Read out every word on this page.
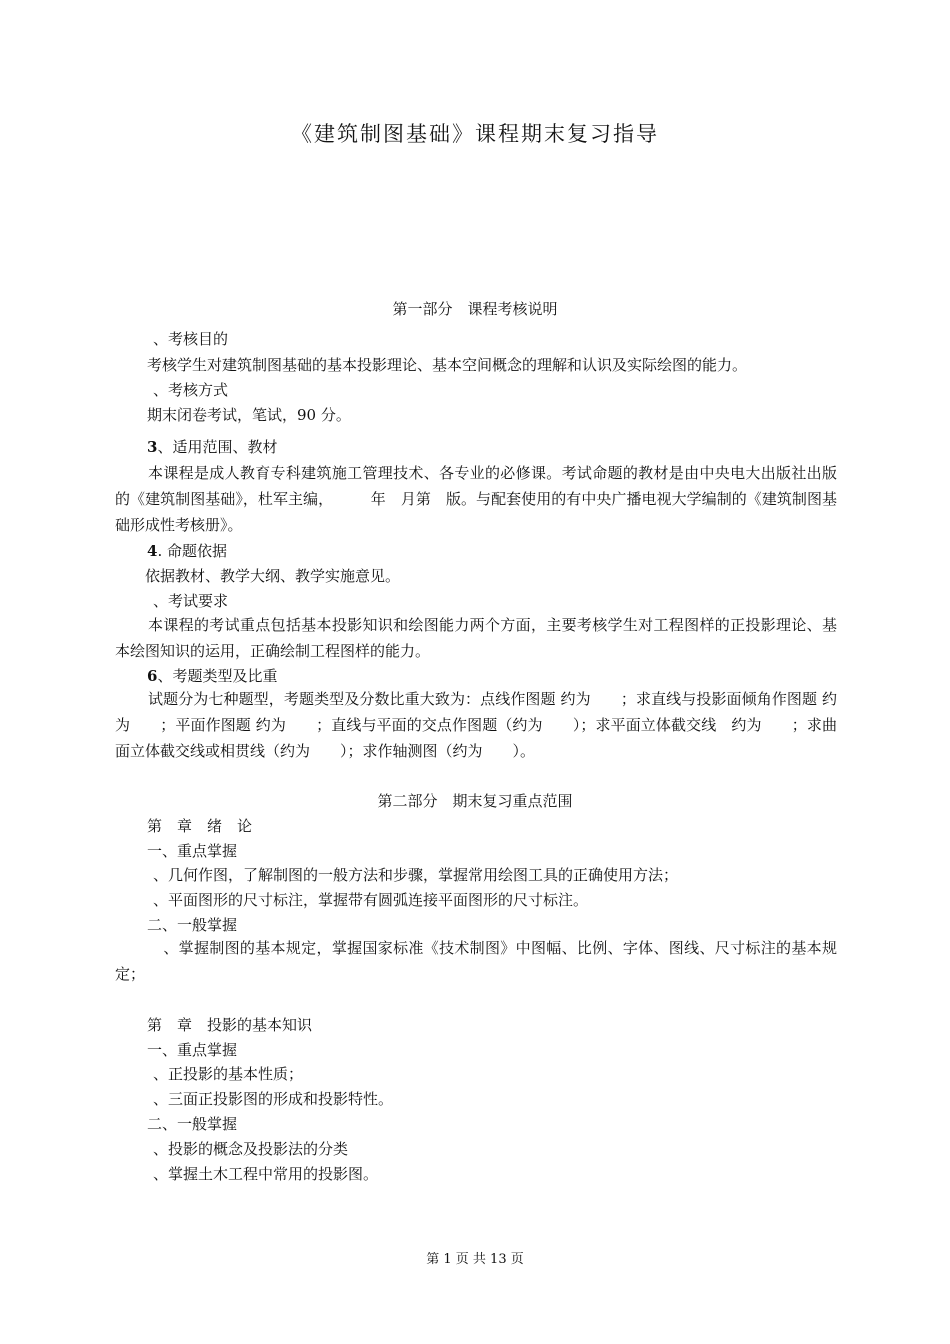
《建筑制图基础》课程期末复习指导
第一部分　课程考核说明
、考核目的
考核学生对建筑制图基础的基本投影理论、基本空间概念的理解和认识及实际绘图的能力。
、考核方式
期末闭卷考试，笔试，90 分。
3、适用范围、教材
本课程是成人教育专科建筑施工管理技术、各专业的必修课。考试命题的教材是由中央电大出版社出版的《建筑制图基础》，杜军主编，　　　年　月第　版。与配套使用的有中央广播电视大学编制的《建筑制图基础形成性考核册》。
4. 命题依据
依据教材、教学大纲、教学实施意见。
、考试要求
本课程的考试重点包括基本投影知识和绘图能力两个方面，主要考核学生对工程图样的正投影理论、基本绘图知识的运用，正确绘制工程图样的能力。
6、考题类型及比重
试题分为七种题型，考题类型及分数比重大致为：点线作图题 约为　　；求直线与投影面倾角作图题 约为　　；平面作图题 约为　　；直线与平面的交点作图题（约为　　）；求平面立体截交线　约为　　；求曲面立体截交线或相贯线（约为　　）；求作轴测图（约为　　）。
第二部分　期末复习重点范围
第　章　绪　论
一、重点掌握
、几何作图，了解制图的一般方法和步骤，掌握常用绘图工具的正确使用方法；
、平面图形的尺寸标注，掌握带有圆弧连接平面图形的尺寸标注。
二、一般掌握
　、掌握制图的基本规定，掌握国家标准《技术制图》中图幅、比例、字体、图线、尺寸标注的基本规定；
第　章　投影的基本知识
一、重点掌握
、正投影的基本性质；
、三面正投影图的形成和投影特性。
二、一般掌握
、投影的概念及投影法的分类
、掌握土木工程中常用的投影图。
第 1 页 共 13 页
